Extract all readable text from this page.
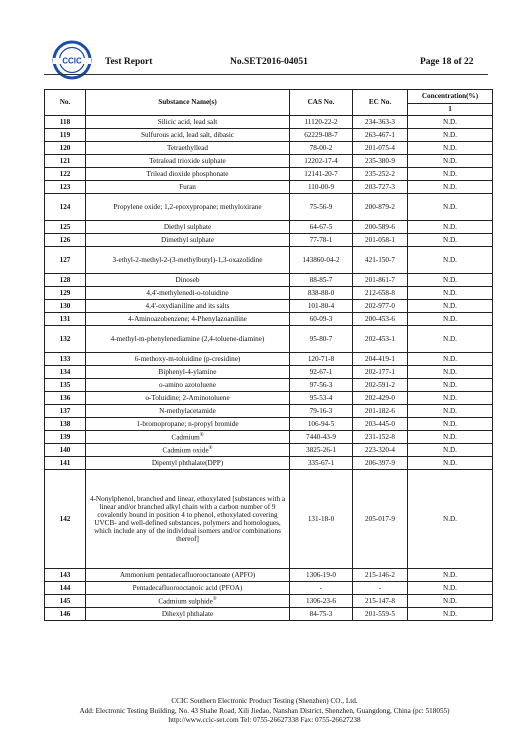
CCIC Test Report	No.SET2016-04051	Page 18 of 22
No.	Substance Name(s)	CAS No.	EC No.	Concentration(%)
				1
118	Silicic acid, lead salt	11120-22-2	234-363-3	N.D.
119	Sulfurous acid, lead salt, dibasic	62229-08-7	263-467-1	N.D.
120	Tetraethyllead	78-00-2	201-075-4	N.D.
121	Tetralead trioxide sulphate	12202-17-4	235-380-9	N.D.
122	Trilead dioxide phosphonate	12141-20-7	235-252-2	N.D.
123	Furan	110-00-9	203-727-3	N.D.
124	Propylene oxide; 1,2-epoxypropane; methyloxirane	75-56-9	200-879-2	N.D.
125	Diethyl sulphate	64-67-5	200-589-6	N.D.
126	Dimethyl sulphate	77-78-1	201-058-1	N.D.
127	3-ethyl-2-methyl-2-(3-methylbutyl)-1,3-oxazolidine	143860-04-2	421-150-7	N.D.
128	Dinoseb	88-85-7	201-861-7	N.D.
129	4,4'-methylenedi-o-toluidine	838-88-0	212-658-8	N.D.
130	4,4'-oxydianiline and its salts	101-80-4	202-977-0	N.D.
131	4-Aminoazobenzene; 4-Phenylazoaniline	60-09-3	200-453-6	N.D.
132	4-methyl-m-phenylenediamine (2,4-toluene-diamine)	95-80-7	202-453-1	N.D.
133	6-methoxy-m-toluidine (p-cresidine)	120-71-8	204-419-1	N.D.
134	Biphenyl-4-ylamine	92-67-1	202-177-1	N.D.
135	o-amino azotoluene	97-56-3	202-591-2	N.D.
136	o-Toluidine; 2-Aminotoluene	95-53-4	202-429-0	N.D.
137	N-methylacetamide	79-16-3	201-182-6	N.D.
138	1-bromopropane; n-propyl bromide	106-94-5	203-445-0	N.D.
139	Cadmium®	7440-43-9	231-152-8	N.D.
140	Cadmium oxide®	3825-26-1	223-320-4	N.D.
141	Dipentyl phthalate(DPP)	335-67-1	206-397-9	N.D.
142	4-Nonylphenol, branched and linear, ethoxylated [substances with a linear and/or branched alkyl chain with a carbon number of 9 covalently bound in position 4 to phenol, ethoxylated covering UVCB- and well-defined substances, polymers and homologues, which include any of the individual isomers and/or combinations thereof]	131-18-0	205-017-9	N.D.
143	Ammonium pentadecafluorooctanoate (APFO)	1306-19-0	215-146-2	N.D.
144	Pentadecafluorooctanoic acid (PFOA)	-	-	N.D.
145	Cadmium sulphide®	1306-23-6	215-147-8	N.D.
146	Dihexyl phthalate	84-75-3	201-559-5	N.D.
CCIC Southern Electronic Product Testing (Shenzhen) CO., Ltd.
Add: Electronic Testing Building, No. 43 Shahe Road, Xili Jiedao, Nanshan District, Shenzhen, Guangdong, China (pc: 518055)
http://www.ccic-set.com Tel: 0755-26627338 Fax: 0755-26627238
